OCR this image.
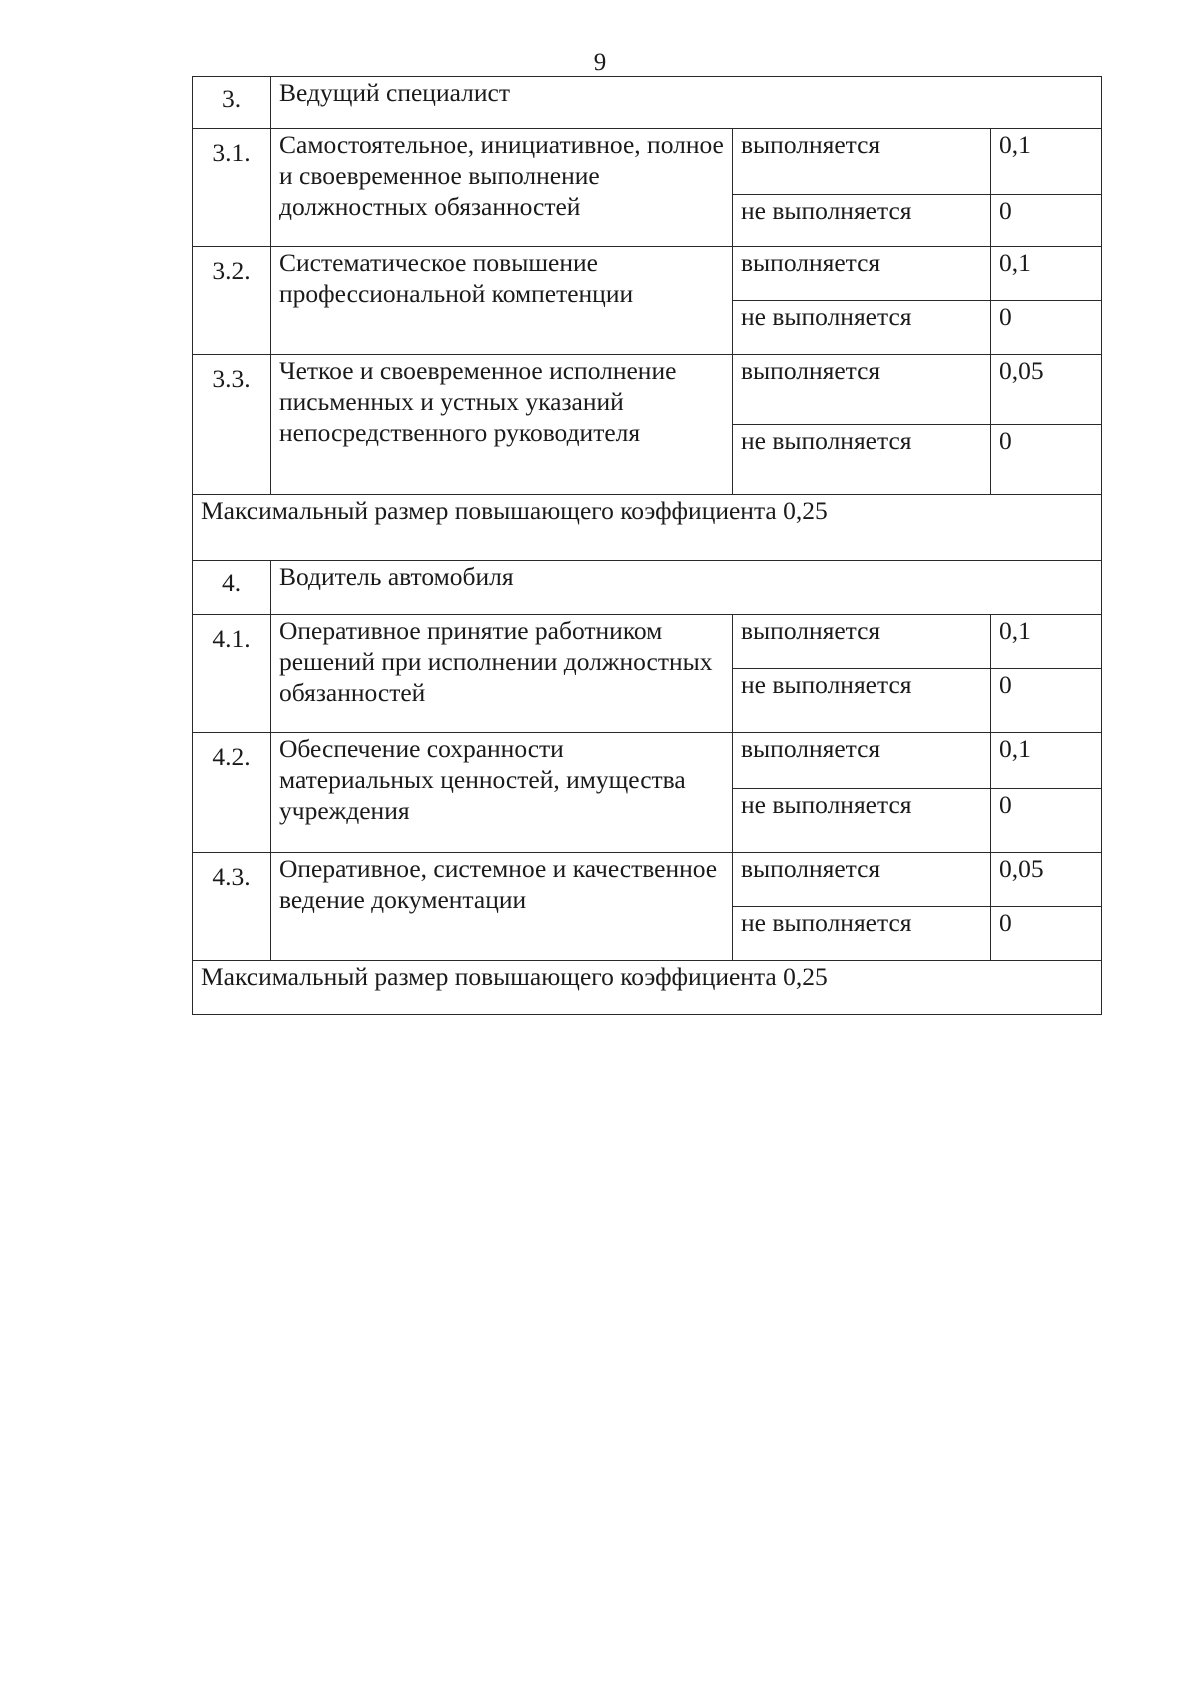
9
3.	Ведущий специалист		
3.1.	Самостоятельное, инициативное, полное и своевременное выполнение должностных обязанностей	выполняется	0,1
		не выполняется	0
3.2.	Систематическое повышение профессиональной компетенции	выполняется	0,1
		не выполняется	0
3.3.	Четкое и своевременное исполнение письменных и устных указаний непосредственного руководителя	выполняется	0,05
		не выполняется	0
Максимальный размер повышающего коэффициента 0,25			
4.	Водитель автомобиля		
4.1.	Оперативное принятие работником решений при исполнении должностных обязанностей	выполняется	0,1
		не выполняется	0
4.2.	Обеспечение сохранности материальных ценностей, имущества учреждения	выполняется	0,1
		не выполняется	0
4.3.	Оперативное, системное и качественное ведение документации	выполняется	0,05
		не выполняется	0
Максимальный размер повышающего коэффициента 0,25			
